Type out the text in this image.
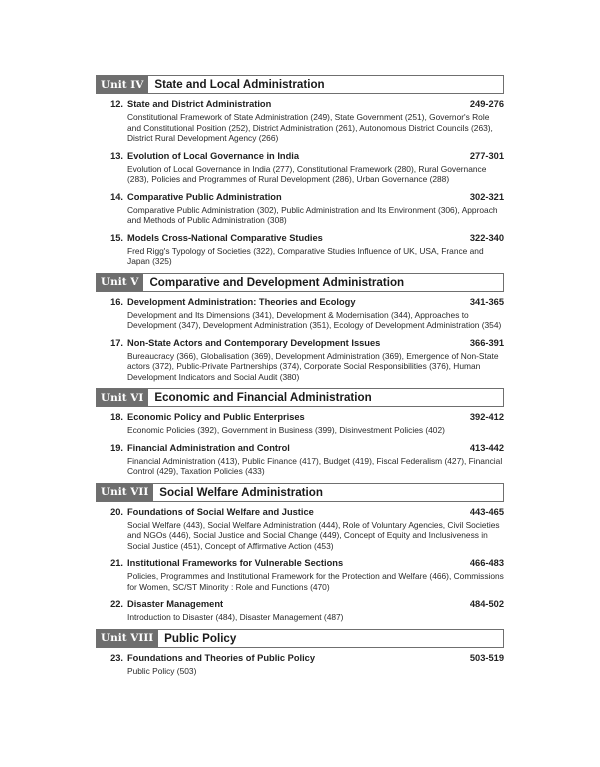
Unit IV State and Local Administration
12. State and District Administration	249-276
Constitutional Framework of State Administration (249), State Government (251), Governor's Role and Constitutional Position (252), District Administration (261), Autonomous District Councils (263), District Rural Development Agency (266)
13. Evolution of Local Governance in India	277-301
Evolution of Local Governance in India (277), Constitutional Framework (280), Rural Governance (283), Policies and Programmes of Rural Development (286), Urban Governance (288)
14. Comparative Public Administration	302-321
Comparative Public Administration (302), Public Administration and Its Environment (306), Approach and Methods of Public Administration (308)
15. Models Cross-National Comparative Studies	322-340
Fred Rigg's Typology of Societies (322), Comparative Studies Influence of UK, USA, France and Japan (325)
Unit V Comparative and Development Administration
16. Development Administration: Theories and Ecology	341-365
Development and Its Dimensions (341), Development & Modernisation (344), Approaches to Development (347), Development Administration (351), Ecology of Development Administration (354)
17. Non-State Actors and Contemporary Development Issues	366-391
Bureaucracy (366), Globalisation (369), Development Administration (369), Emergence of Non-State actors (372), Public-Private Partnerships (374), Corporate Social Responsibilities (376), Human Development Indicators and Social Audit (380)
Unit VI Economic and Financial Administration
18. Economic Policy and Public Enterprises	392-412
Economic Policies (392), Government in Business (399), Disinvestment Policies (402)
19. Financial Administration and Control	413-442
Financial Administration (413), Public Finance (417), Budget (419), Fiscal Federalism (427), Financial Control (429), Taxation Policies (433)
Unit VII Social Welfare Administration
20. Foundations of Social Welfare and Justice	443-465
Social Welfare (443), Social Welfare Administration (444), Role of Voluntary Agencies, Civil Societies and NGOs (446), Social Justice and Social Change (449), Concept of Equity and Inclusiveness in Social Justice (451), Concept of Affirmative Action (453)
21. Institutional Frameworks for Vulnerable Sections	466-483
Policies, Programmes and Institutional Framework for the Protection and Welfare (466), Commissions for Women, SC/ST Minority : Role and Functions (470)
22. Disaster Management	484-502
Introduction to Disaster (484), Disaster Management (487)
Unit VIII Public Policy
23. Foundations and Theories of Public Policy	503-519
Public Policy (503)
